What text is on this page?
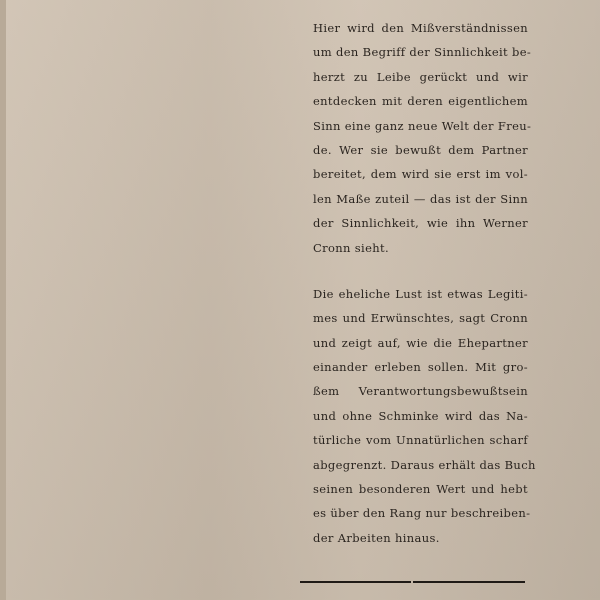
Hier wird den Mißverständnissen
um den Begriff der Sinnlichkeit be-
herzt zu Leibe gerückt und wir
entdecken mit deren eigentlichem
Sinn eine ganz neue Welt der Freu-
de. Wer sie bewußt dem Partner
bereitet, dem wird sie erst im vol-
len Maße zuteil — das ist der Sinn
der Sinnlichkeit, wie ihn Werner
Cronn sieht.

Die eheliche Lust ist etwas Legiti-
mes und Erwünschtes, sagt Cronn
und zeigt auf, wie die Ehepartner
einander erleben sollen. Mit gro-
ßem Verantwortungsbewußtsein
und ohne Schminke wird das Na-
türliche vom Unnatürlichen scharf
abgegrenzt. Daraus erhält das Buch
seinen besonderen Wert und hebt
es über den Rang nur beschreiben-
der Arbeiten hinaus.
